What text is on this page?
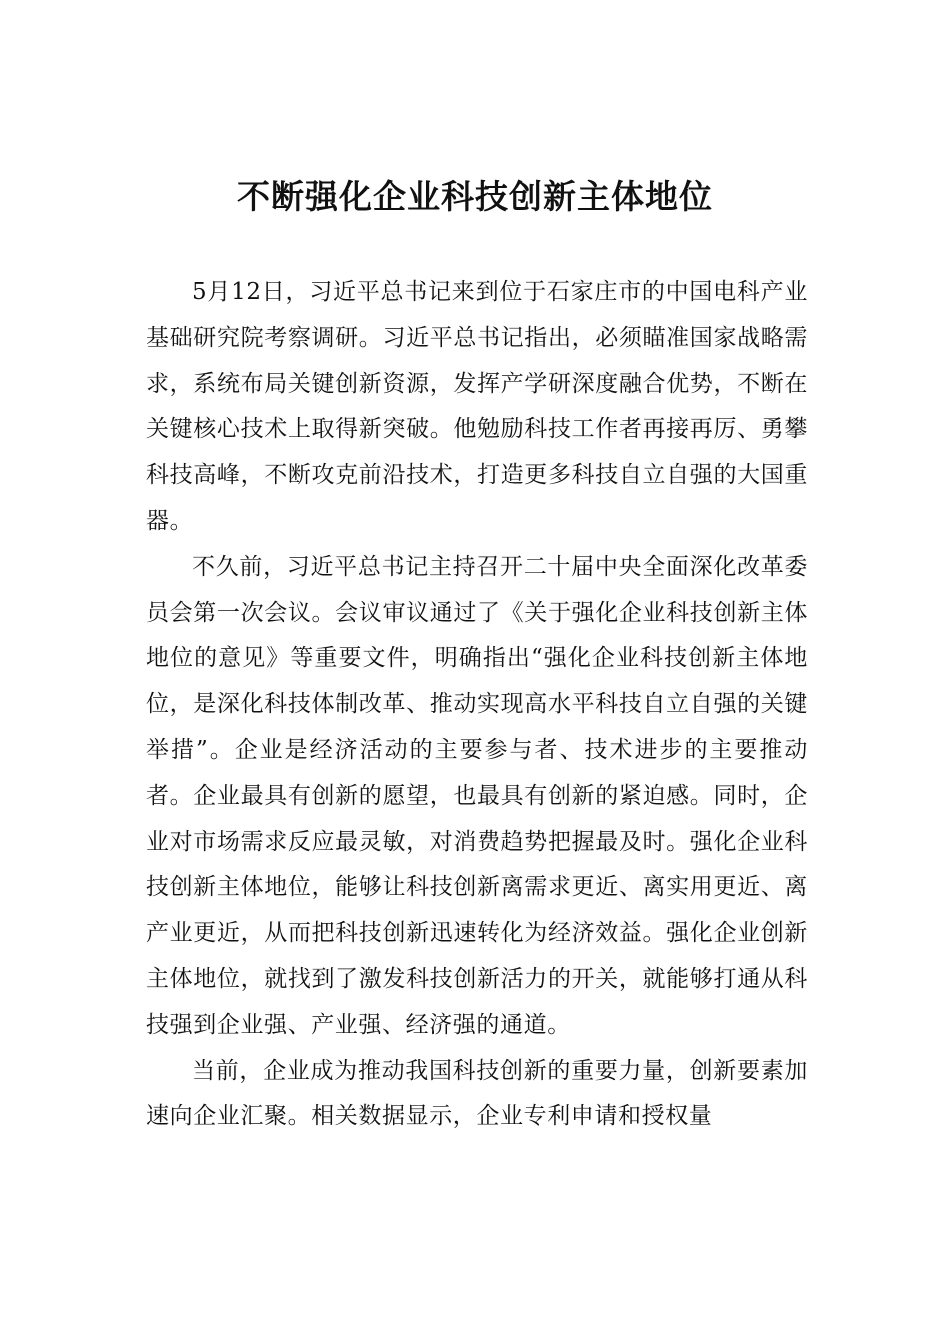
不断强化企业科技创新主体地位

5月12日，习近平总书记来到位于石家庄市的中国电科产业基础研究院考察调研。习近平总书记指出，必须瞄准国家战略需求，系统布局关键创新资源，发挥产学研深度融合优势，不断在关键核心技术上取得新突破。他勉励科技工作者再接再厉、勇攀科技高峰，不断攻克前沿技术，打造更多科技自立自强的大国重器。

不久前，习近平总书记主持召开二十届中央全面深化改革委员会第一次会议。会议审议通过了《关于强化企业科技创新主体地位的意见》等重要文件，明确指出“强化企业科技创新主体地位，是深化科技体制改革、推动实现高水平科技自立自强的关键举措”。企业是经济活动的主要参与者、技术进步的主要推动者。企业最具有创新的愿望，也最具有创新的紧迫感。同时，企业对市场需求反应最灵敏，对消费趋势把握最及时。强化企业科技创新主体地位，能够让科技创新离需求更近、离实用更近、离产业更近，从而把科技创新迅速转化为经济效益。强化企业创新主体地位，就找到了激发科技创新活力的开关，就能够打通从科技强到企业强、产业强、经济强的通道。

当前，企业成为推动我国科技创新的重要力量，创新要素加速向企业汇聚。相关数据显示，企业专利申请和授权量
